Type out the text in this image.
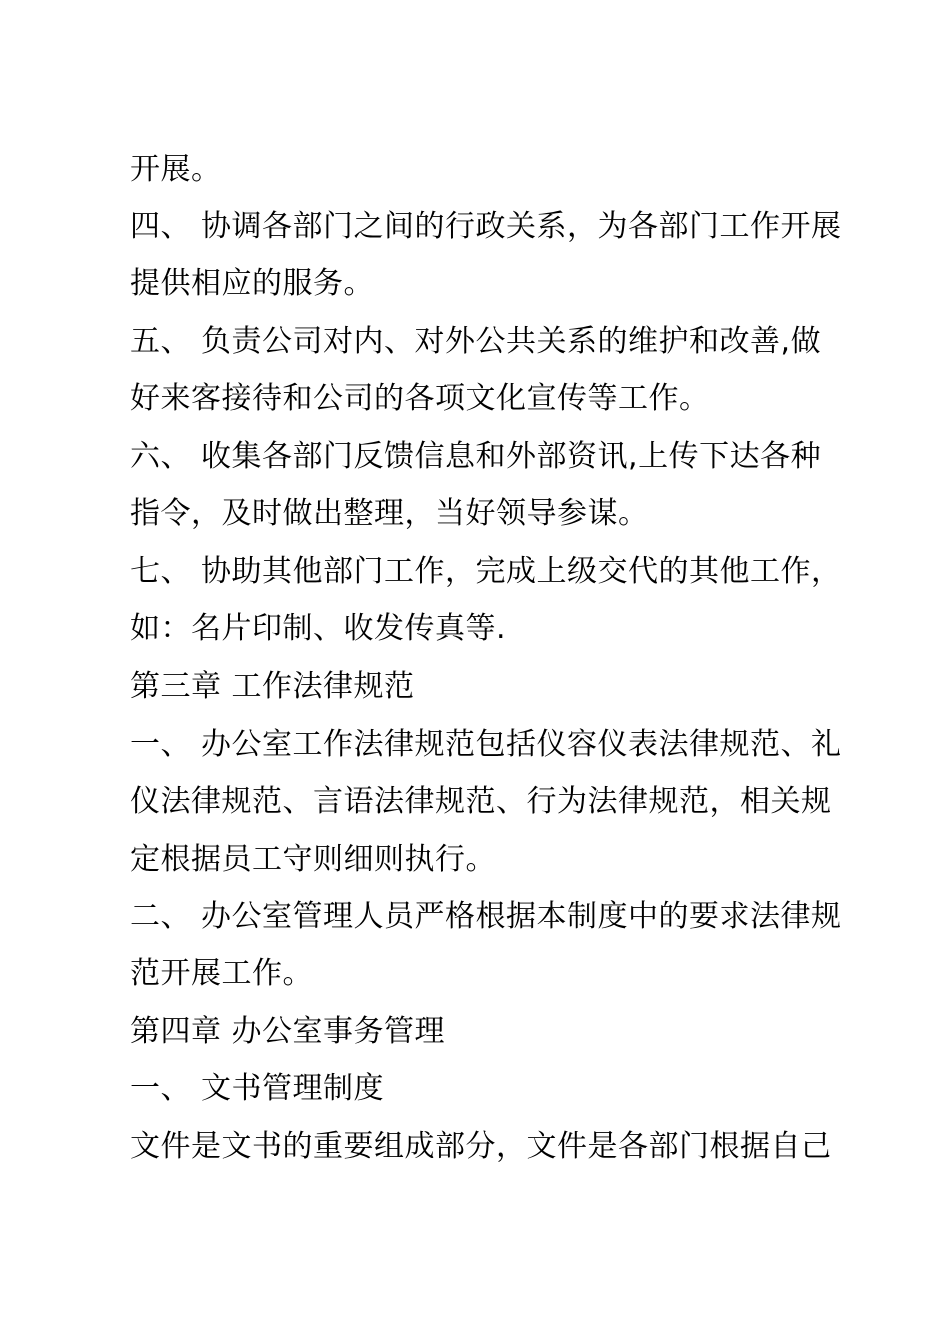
开展。
四、 协调各部门之间的行政关系，为各部门工作开展
提供相应的服务。
五、 负责公司对内、对外公共关系的维护和改善,做
好来客接待和公司的各项文化宣传等工作。
六、 收集各部门反馈信息和外部资讯,上传下达各种
指令，及时做出整理，当好领导参谋。
七、 协助其他部门工作，完成上级交代的其他工作，
如：名片印制、收发传真等.
第三章 工作法律规范
一、 办公室工作法律规范包括仪容仪表法律规范、礼
仪法律规范、言语法律规范、行为法律规范，相关规
定根据员工守则细则执行。
二、 办公室管理人员严格根据本制度中的要求法律规
范开展工作。
第四章 办公室事务管理
一、 文书管理制度
文件是文书的重要组成部分，文件是各部门根据自己
